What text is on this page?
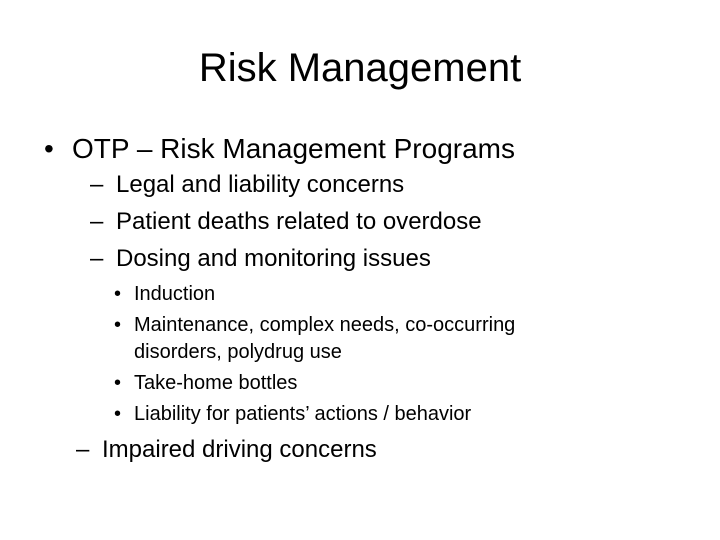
Risk Management
• OTP – Risk Management Programs
– Legal and liability concerns
– Patient deaths related to overdose
– Dosing and monitoring issues
• Induction
• Maintenance, complex needs, co-occurring
disorders, polydrug use
• Take-home bottles
• Liability for patients’ actions / behavior
– Impaired driving concerns
